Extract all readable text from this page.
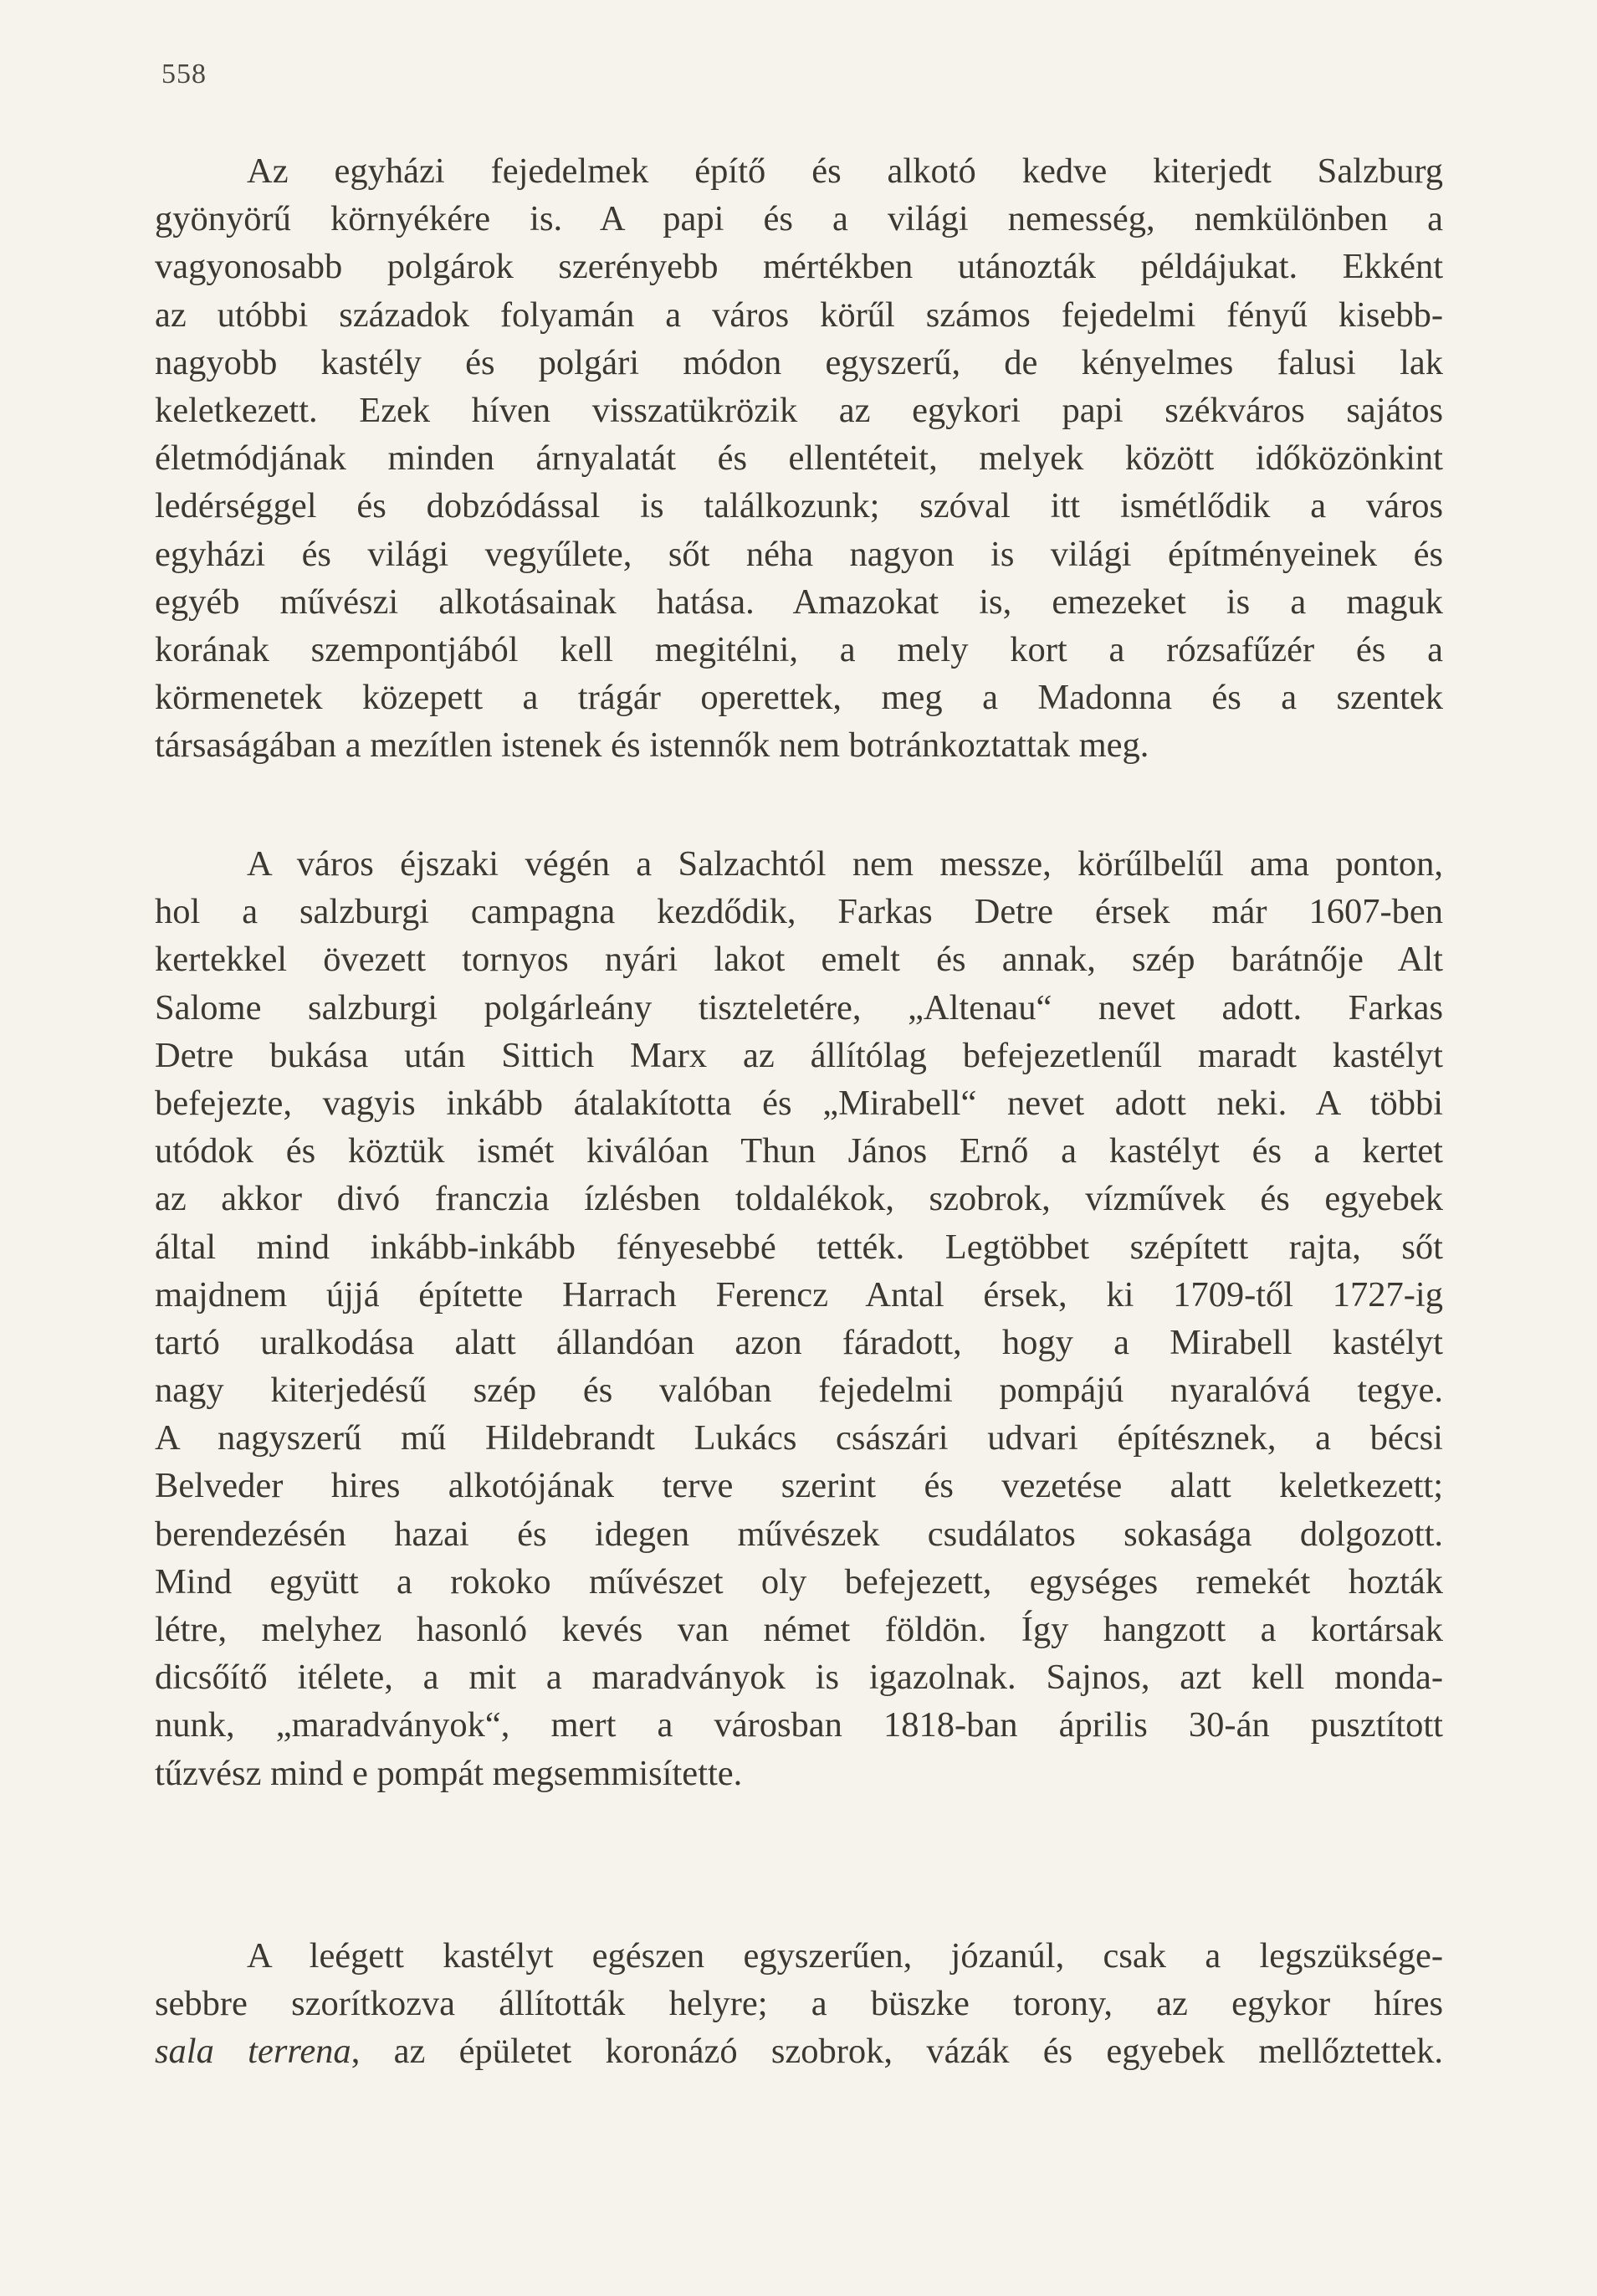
558
Az egyházi fejedelmek építő és alkotó kedve kiterjedt Salzburg
gyönyörű környékére is. A papi és a világi nemesség, nemkülönben a
vagyonosabb polgárok szerényebb mértékben utánozták példájukat. Ekként
az utóbbi századok folyamán a város körűl számos fejedelmi fényű kisebb-
nagyobb kastély és polgári módon egyszerű, de kényelmes falusi lak
keletkezett. Ezek híven visszatükrözik az egykori papi székváros sajátos
életmódjának minden árnyalatát és ellentéteit, melyek között időközönkint
ledérséggel és dobzódással is találkozunk; szóval itt ismétlődik a város
egyházi és világi vegyűlete, sőt néha nagyon is világi építményeinek és
egyéb művészi alkotásainak hatása. Amazokat is, emezeket is a maguk
korának szempontjából kell megitélni, a mely kort a rózsafűzér és a
körmenetek közepett a trágár operettek, meg a Madonna és a szentek
társaságában a mezítlen istenek és istennők nem botránkoztattak meg.
A város éjszaki végén a Salzachtól nem messze, körűlbelűl ama ponton,
hol a salzburgi campagna kezdődik, Farkas Detre érsek már 1607-ben
kertekkel övezett tornyos nyári lakot emelt és annak, szép barátnője Alt
Salome salzburgi polgárleány tiszteletére, „Altenau“ nevet adott. Farkas
Detre bukása után Sittich Marx az állítólag befejezetlenűl maradt kastélyt
befejezte, vagyis inkább átalakította és „Mirabell“ nevet adott neki. A többi
utódok és köztük ismét kiválóan Thun János Ernő a kastélyt és a kertet
az akkor divó franczia ízlésben toldalékok, szobrok, vízművek és egyebek
által mind inkább-inkább fényesebbé tették. Legtöbbet szépített rajta, sőt
majdnem újjá építette Harrach Ferencz Antal érsek, ki 1709-től 1727-ig
tartó uralkodása alatt állandóan azon fáradott, hogy a Mirabell kastélyt
nagy kiterjedésű szép és valóban fejedelmi pompájú nyaralóvá tegye.
A nagyszerű mű Hildebrandt Lukács császári udvari építésznek, a bécsi
Belveder hires alkotójának terve szerint és vezetése alatt keletkezett;
berendezésén hazai és idegen művészek csudálatos sokasága dolgozott.
Mind együtt a rokoko művészet oly befejezett, egységes remekét hozták
létre, melyhez hasonló kevés van német földön. Így hangzott a kortársak
dicsőítő itélete, a mit a maradványok is igazolnak. Sajnos, azt kell monda-
nunk, „maradványok“, mert a városban 1818-ban április 30-án pusztított
tűzvész mind e pompát megsemmisítette.
A leégett kastélyt egészen egyszerűen, józanúl, csak a legszüksége-
sebbre szorítkozva állították helyre; a büszke torony, az egykor híres
sala terrena, az épületet koronázó szobrok, vázák és egyebek mellőztettek.
